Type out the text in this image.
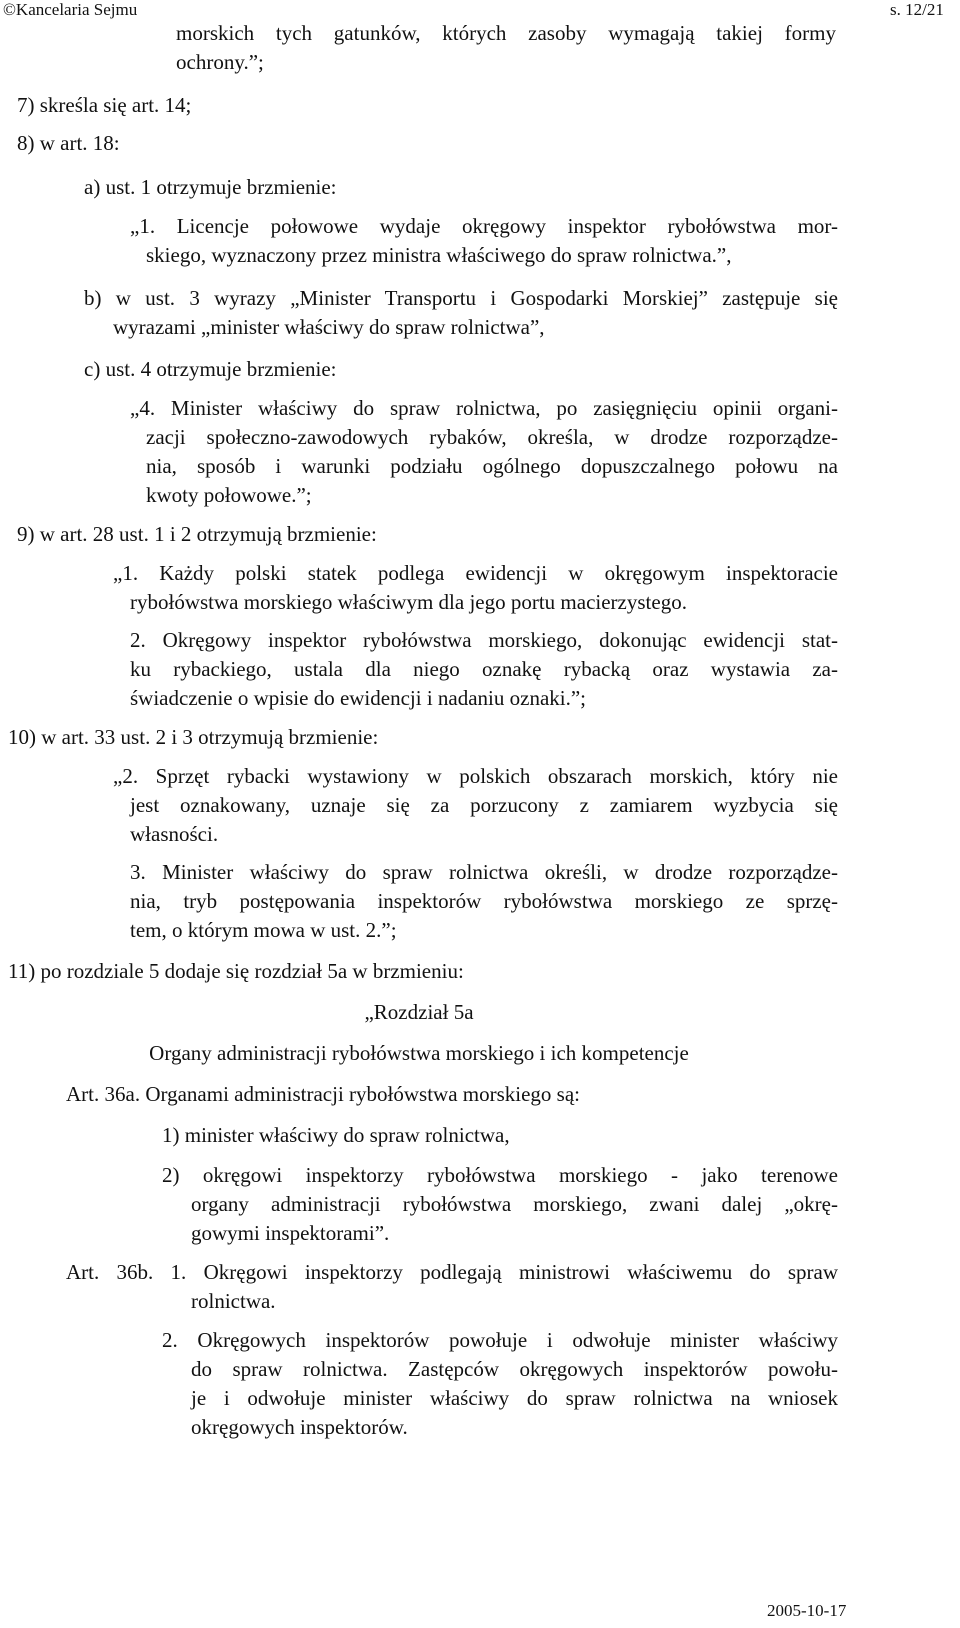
©Kancelaria Sejmu	s. 12/21
morskich tych gatunków, których zasoby wymagają takiej formy
ochrony.”;
7) skreśla się art. 14;
8) w art. 18:
a) ust. 1 otrzymuje brzmienie:
„1. Licencje połowowe wydaje okręgowy inspektor rybołówstwa mor-
skiego, wyznaczony przez ministra właściwego do spraw rolnictwa.”,
b) w ust. 3 wyrazy „Minister Transportu i Gospodarki Morskiej” zastępuje się
wyrazami „minister właściwy do spraw rolnictwa”,
c) ust. 4 otrzymuje brzmienie:
„4. Minister właściwy do spraw rolnictwa, po zasięgnięciu opinii organi-
zacji społeczno-zawodowych rybaków, określa, w drodze rozporządze-
nia, sposób i warunki podziału ogólnego dopuszczalnego połowu na
kwoty połowowe.”;
9) w art. 28 ust. 1 i 2 otrzymują brzmienie:
„1. Każdy polski statek podlega ewidencji w okręgowym inspektoracie
rybołówstwa morskiego właściwym dla jego portu macierzystego.
2. Okręgowy inspektor rybołówstwa morskiego, dokonując ewidencji stat-
ku rybackiego, ustala dla niego oznakę rybacką oraz wystawia za-
świadczenie o wpisie do ewidencji i nadaniu oznaki.”;
10) w art. 33 ust. 2 i 3 otrzymują brzmienie:
„2. Sprzęt rybacki wystawiony w polskich obszarach morskich, który nie
jest oznakowany, uznaje się za porzucony z zamiarem wyzbycia się
własności.
3. Minister właściwy do spraw rolnictwa określi, w drodze rozporządze-
nia, tryb postępowania inspektorów rybołówstwa morskiego ze sprzę-
tem, o którym mowa w ust. 2.”;
11) po rozdziale 5 dodaje się rozdział 5a w brzmieniu:
„Rozdział 5a
Organy administracji rybołówstwa morskiego i ich kompetencje
Art. 36a. Organami administracji rybołówstwa morskiego są:
1) minister właściwy do spraw rolnictwa,
2) okręgowi inspektorzy rybołówstwa morskiego - jako terenowe
organy administracji rybołówstwa morskiego, zwani dalej „okrę-
gowymi inspektorami”.
Art. 36b. 1. Okręgowi inspektorzy podlegają ministrowi właściwemu do spraw
rolnictwa.
2. Okręgowych inspektorów powołuje i odwołuje minister właściwy
do spraw rolnictwa. Zastępców okręgowych inspektorów powołu-
je i odwołuje minister właściwy do spraw rolnictwa na wniosek
okręgowych inspektorów.
2005-10-17
